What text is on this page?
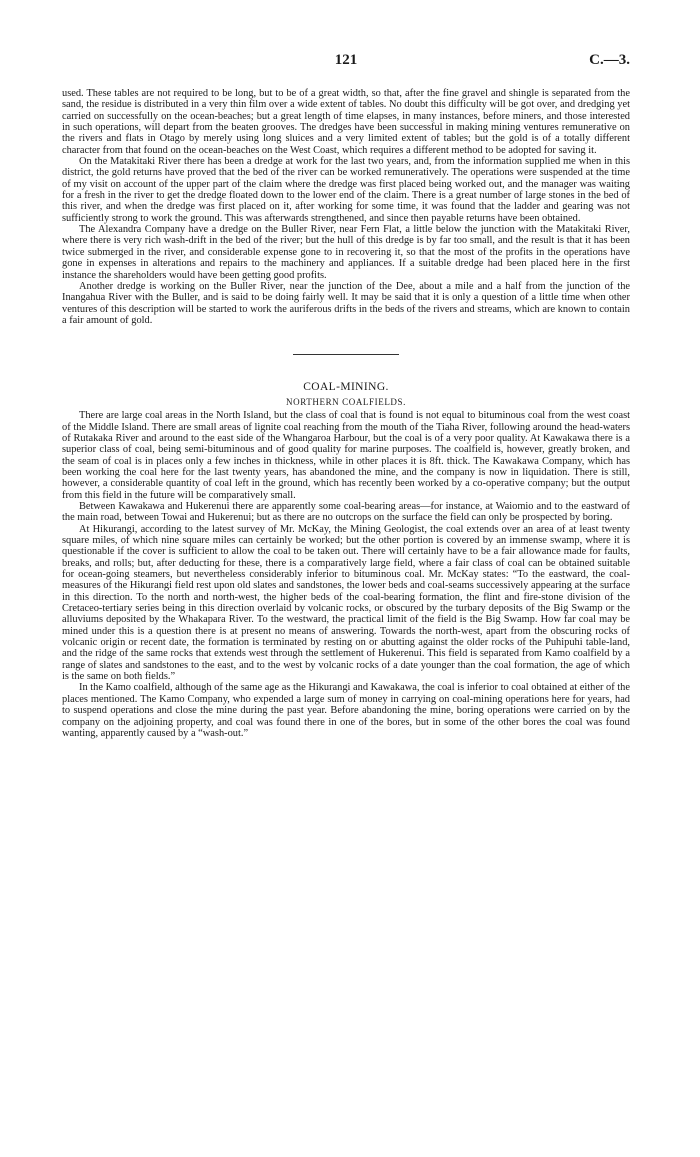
121	C.—3.

used. These tables are not required to be long, but to be of a great width, so that, after the fine gravel and shingle is separated from the sand, the residue is distributed in a very thin film over a wide extent of tables. No doubt this difficulty will be got over, and dredging yet carried on successfully on the ocean-beaches; but a great length of time elapses, in many instances, before miners, and those interested in such operations, will depart from the beaten grooves. The dredges have been successful in making mining ventures remunerative on the rivers and flats in Otago by merely using long sluices and a very limited extent of tables; but the gold is of a totally different character from that found on the ocean-beaches on the West Coast, which requires a different method to be adopted for saving it.

On the Matakitaki River there has been a dredge at work for the last two years, and, from the information supplied me when in this district, the gold returns have proved that the bed of the river can be worked remuneratively. The operations were suspended at the time of my visit on account of the upper part of the claim where the dredge was first placed being worked out, and the manager was waiting for a fresh in the river to get the dredge floated down to the lower end of the claim. There is a great number of large stones in the bed of this river, and when the dredge was first placed on it, after working for some time, it was found that the ladder and gearing was not sufficiently strong to work the ground. This was afterwards strengthened, and since then payable returns have been obtained.

The Alexandra Company have a dredge on the Buller River, near Fern Flat, a little below the junction with the Matakitaki River, where there is very rich wash-drift in the bed of the river; but the hull of this dredge is by far too small, and the result is that it has been twice submerged in the river, and considerable expense gone to in recovering it, so that the most of the profits in the operations have gone in expenses in alterations and repairs to the machinery and appliances. If a suitable dredge had been placed here in the first instance the shareholders would have been getting good profits.

Another dredge is working on the Buller River, near the junction of the Dee, about a mile and a half from the junction of the Inangahua River with the Buller, and is said to be doing fairly well. It may be said that it is only a question of a little time when other ventures of this description will be started to work the auriferous drifts in the beds of the rivers and streams, which are known to contain a fair amount of gold.

COAL-MINING.
NORTHERN COALFIELDS.

There are large coal areas in the North Island, but the class of coal that is found is not equal to bituminous coal from the west coast of the Middle Island. There are small areas of lignite coal reaching from the mouth of the Tiaha River, following around the head-waters of Rutakaka River and around to the east side of the Whangaroa Harbour, but the coal is of a very poor quality. At Kawakawa there is a superior class of coal, being semi-bituminous and of good quality for marine purposes. The coalfield is, however, greatly broken, and the seam of coal is in places only a few inches in thickness, while in other places it is 8ft. thick. The Kawakawa Company, which has been working the coal here for the last twenty years, has abandoned the mine, and the company is now in liquidation. There is still, however, a considerable quantity of coal left in the ground, which has recently been worked by a co-operative company; but the output from this field in the future will be comparatively small.

Between Kawakawa and Hukerenui there are apparently some coal-bearing areas—for instance, at Waiomio and to the eastward of the main road, between Towai and Hukerenui; but as there are no outcrops on the surface the field can only be prospected by boring.

At Hikurangi, according to the latest survey of Mr. McKay, the Mining Geologist, the coal extends over an area of at least twenty square miles, of which nine square miles can certainly be worked; but the other portion is covered by an immense swamp, where it is questionable if the cover is sufficient to allow the coal to be taken out. There will certainly have to be a fair allowance made for faults, breaks, and rolls; but, after deducting for these, there is a comparatively large field, where a fair class of coal can be obtained suitable for ocean-going steamers, but nevertheless considerably inferior to bituminous coal. Mr. McKay states: “To the eastward, the coal-measures of the Hikurangi field rest upon old slates and sandstones, the lower beds and coal-seams successively appearing at the surface in this direction. To the north and north-west, the higher beds of the coal-bearing formation, the flint and fire-stone division of the Cretaceo-tertiary series being in this direction overlaid by volcanic rocks, or obscured by the turbary deposits of the Big Swamp or the alluviums deposited by the Whakapara River. To the westward, the practical limit of the field is the Big Swamp. How far coal may be mined under this is a question there is at present no means of answering. Towards the north-west, apart from the obscuring rocks of volcanic origin or recent date, the formation is terminated by resting on or abutting against the older rocks of the Puhipuhi table-land, and the ridge of the same rocks that extends west through the settlement of Hukerenui. This field is separated from Kamo coalfield by a range of slates and sandstones to the east, and to the west by volcanic rocks of a date younger than the coal formation, the age of which is the same on both fields.”

In the Kamo coalfield, although of the same age as the Hikurangi and Kawakawa, the coal is inferior to coal obtained at either of the places mentioned. The Kamo Company, who expended a large sum of money in carrying on coal-mining operations here for years, had to suspend operations and close the mine during the past year. Before abandoning the mine, boring operations were carried on by the company on the adjoining property, and coal was found there in one of the bores, but in some of the other bores the coal was found wanting, apparently caused by a “wash-out.”
